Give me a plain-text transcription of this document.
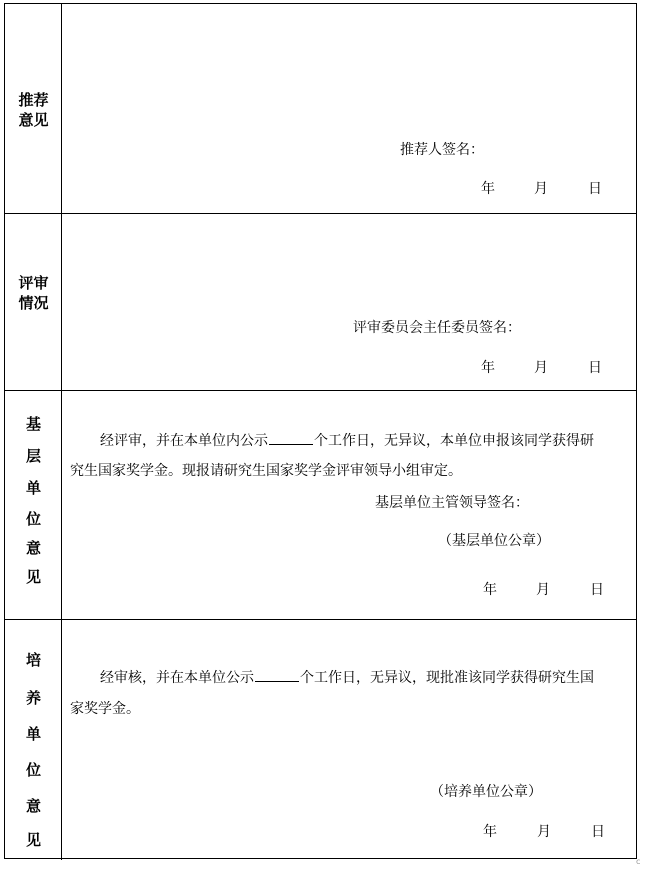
推荐
意见
推荐人签名：
年	月	日
评审
情况
评审委员会主任委员签名：
年	月	日
基
层
单
位
意
见
经评审，并在本单位内公示	个工作日，无异议，本单位申报该同学获得研
究生国家奖学金。现报请研究生国家奖学金评审领导小组审定。
基层单位主管领导签名：
（基层单位公章）
年	月	日
培
养
单
位
意
见
经审核，并在本单位公示	个工作日，无异议，现批准该同学获得研究生国
家奖学金。
（培养单位公章）
年	月	日
c
